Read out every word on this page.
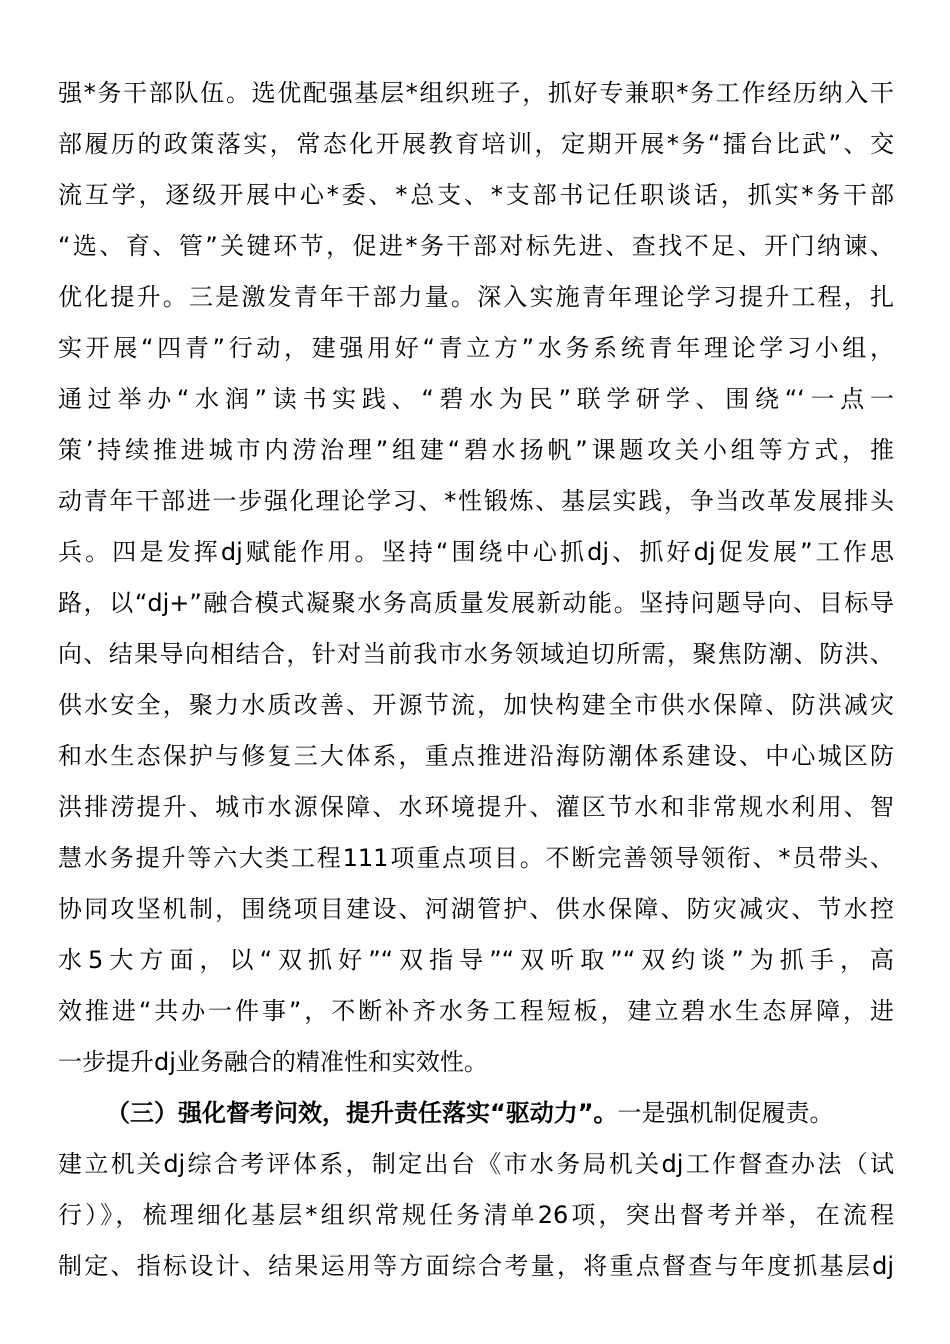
强*务干部队伍。选优配强基层*组织班子，抓好专兼职*务工作经历纳入干
部履历的政策落实，常态化开展教育培训，定期开展*务“擂台比武”、交
流互学，逐级开展中心*委、*总支、*支部书记任职谈话，抓实*务干部
“选、育、管”关键环节，促进*务干部对标先进、查找不足、开门纳谏、
优化提升。三是激发青年干部力量。深入实施青年理论学习提升工程，扎
实开展“四青”行动，建强用好“青立方”水务系统青年理论学习小组，
通过举办“水润”读书实践、“碧水为民”联学研学、围绕“‘一点一
策’持续推进城市内涝治理”组建“碧水扬帆”课题攻关小组等方式，推
动青年干部进一步强化理论学习、*性锻炼、基层实践，争当改革发展排头
兵。四是发挥dj赋能作用。坚持“围绕中心抓dj、抓好dj促发展”工作思
路，以“dj+”融合模式凝聚水务高质量发展新动能。坚持问题导向、目标导
向、结果导向相结合，针对当前我市水务领域迫切所需，聚焦防潮、防洪、
供水安全，聚力水质改善、开源节流，加快构建全市供水保障、防洪减灾
和水生态保护与修复三大体系，重点推进沿海防潮体系建设、中心城区防
洪排涝提升、城市水源保障、水环境提升、灌区节水和非常规水利用、智
慧水务提升等六大类工程111项重点项目。不断完善领导领衔、*员带头、
协同攻坚机制，围绕项目建设、河湖管护、供水保障、防灾减灾、节水控
水5大方面，以“双抓好”“双指导”“双听取”“双约谈”为抓手，高
效推进“共办一件事”，不断补齐水务工程短板，建立碧水生态屏障，进
一步提升dj业务融合的精准性和实效性。
（三）强化督考问效，提升责任落实“驱动力”。一是强机制促履责。
建立机关dj综合考评体系，制定出台《市水务局机关dj工作督查办法（试
行）》，梳理细化基层*组织常规任务清单26项，突出督考并举，在流程
制定、指标设计、结果运用等方面综合考量，将重点督查与年度抓基层dj
